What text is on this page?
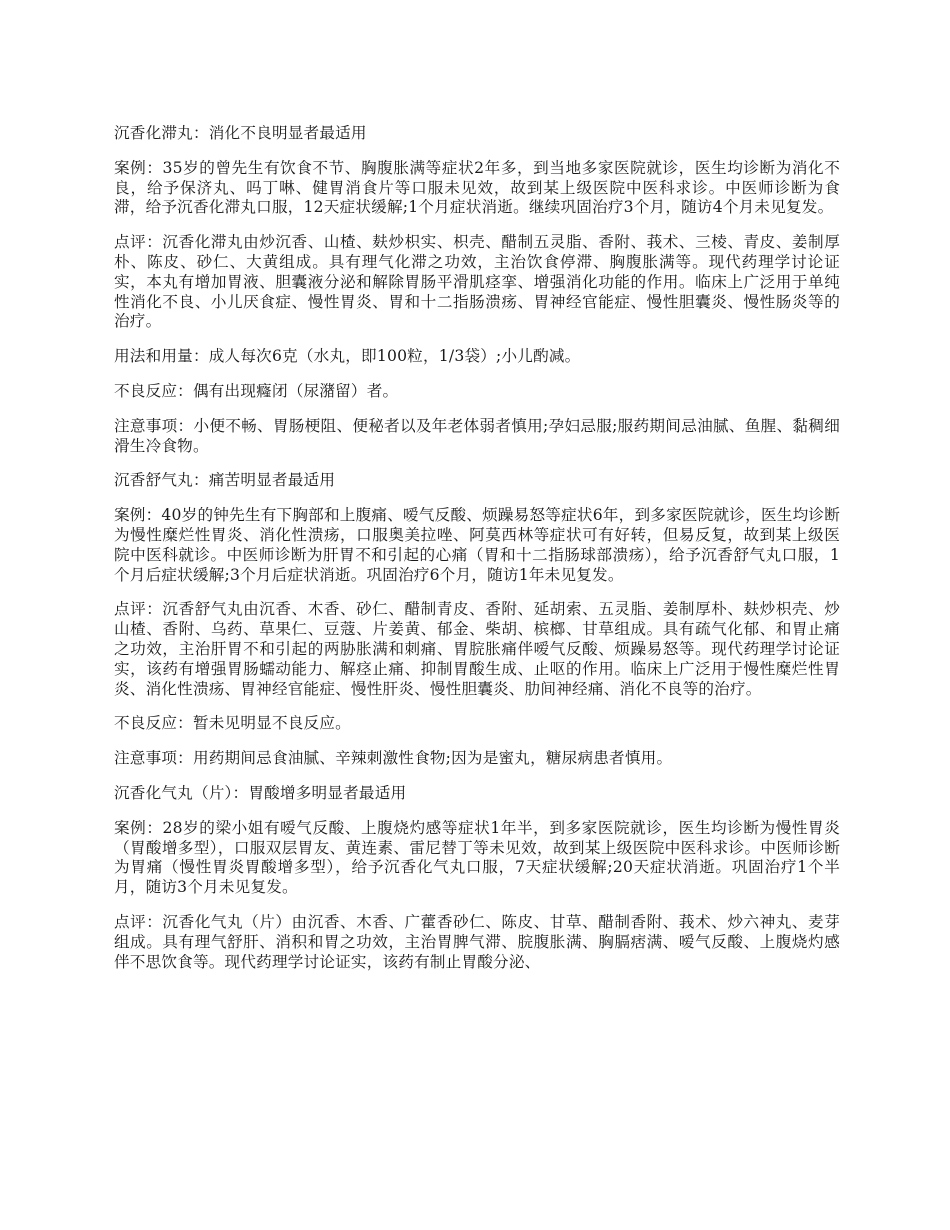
沉香化滞丸：消化不良明显者最适用

案例：35岁的曾先生有饮食不节、胸腹胀满等症状2年多，到当地多家医院就诊，医生均诊断为消化不良，给予保济丸、吗丁啉、健胃消食片等口服未见效，故到某上级医院中医科求诊。中医师诊断为食滞，给予沉香化滞丸口服，12天症状缓解;1个月症状消逝。继续巩固治疗3个月，随访4个月未见复发。

点评：沉香化滞丸由炒沉香、山楂、麸炒枳实、枳壳、醋制五灵脂、香附、莪术、三棱、青皮、姜制厚朴、陈皮、砂仁、大黄组成。具有理气化滞之功效，主治饮食停滞、胸腹胀满等。现代药理学讨论证实，本丸有增加胃液、胆囊液分泌和解除胃肠平滑肌痉挛、增强消化功能的作用。临床上广泛用于单纯性消化不良、小儿厌食症、慢性胃炎、胃和十二指肠溃疡、胃神经官能症、慢性胆囊炎、慢性肠炎等的治疗。

用法和用量：成人每次6克（水丸，即100粒，1/3袋）;小儿酌减。

不良反应：偶有出现癃闭（尿潴留）者。

注意事项：小便不畅、胃肠梗阻、便秘者以及年老体弱者慎用;孕妇忌服;服药期间忌油腻、鱼腥、黏稠细滑生冷食物。

沉香舒气丸：痛苦明显者最适用

案例：40岁的钟先生有下胸部和上腹痛、嗳气反酸、烦躁易怒等症状6年，到多家医院就诊，医生均诊断为慢性糜烂性胃炎、消化性溃疡，口服奥美拉唑、阿莫西林等症状可有好转，但易反复，故到某上级医院中医科就诊。中医师诊断为肝胃不和引起的心痛（胃和十二指肠球部溃疡），给予沉香舒气丸口服，1个月后症状缓解;3个月后症状消逝。巩固治疗6个月，随访1年未见复发。

点评：沉香舒气丸由沉香、木香、砂仁、醋制青皮、香附、延胡索、五灵脂、姜制厚朴、麸炒枳壳、炒山楂、香附、乌药、草果仁、豆蔻、片姜黄、郁金、柴胡、槟榔、甘草组成。具有疏气化郁、和胃止痛之功效，主治肝胃不和引起的两胁胀满和刺痛、胃脘胀痛伴嗳气反酸、烦躁易怒等。现代药理学讨论证实，该药有增强胃肠蠕动能力、解痉止痛、抑制胃酸生成、止呕的作用。临床上广泛用于慢性糜烂性胃炎、消化性溃疡、胃神经官能症、慢性肝炎、慢性胆囊炎、肋间神经痛、消化不良等的治疗。

不良反应：暂未见明显不良反应。

注意事项：用药期间忌食油腻、辛辣刺激性食物;因为是蜜丸，糖尿病患者慎用。

沉香化气丸（片）：胃酸增多明显者最适用

案例：28岁的梁小姐有嗳气反酸、上腹烧灼感等症状1年半，到多家医院就诊，医生均诊断为慢性胃炎（胃酸增多型），口服双层胃友、黄连素、雷尼替丁等未见效，故到某上级医院中医科求诊。中医师诊断为胃痛（慢性胃炎胃酸增多型），给予沉香化气丸口服，7天症状缓解;20天症状消逝。巩固治疗1个半月，随访3个月未见复发。

点评：沉香化气丸（片）由沉香、木香、广藿香砂仁、陈皮、甘草、醋制香附、莪术、炒六神丸、麦芽组成。具有理气舒肝、消积和胃之功效，主治胃脾气滞、脘腹胀满、胸膈痞满、嗳气反酸、上腹烧灼感伴不思饮食等。现代药理学讨论证实，该药有制止胃酸分泌、
